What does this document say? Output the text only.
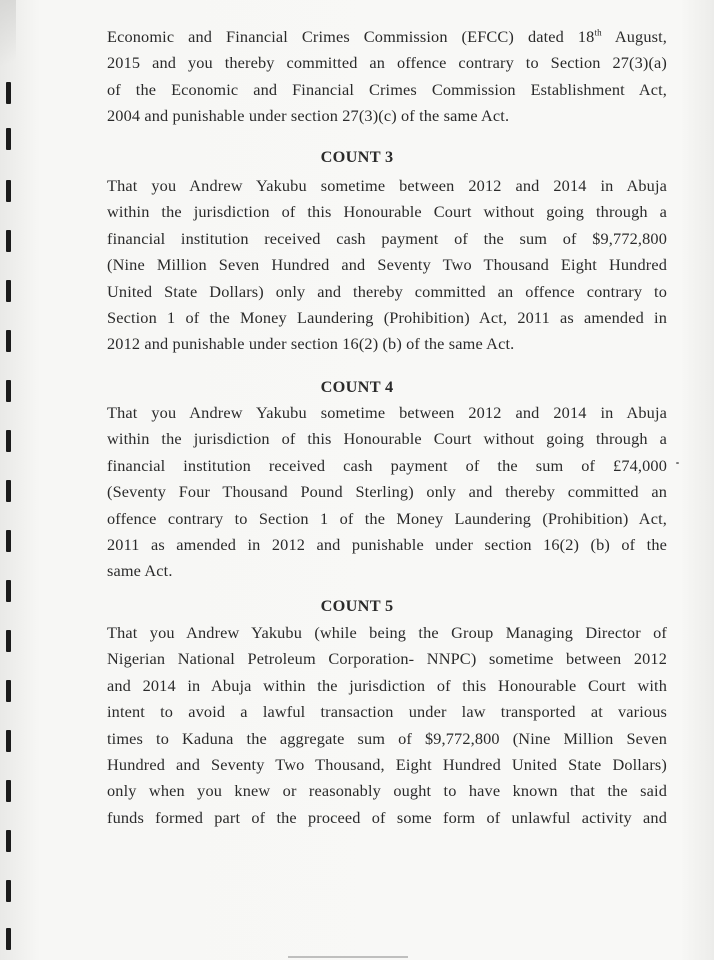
Economic and Financial Crimes Commission (EFCC) dated 18th August,
2015 and you thereby committed an offence contrary to Section 27(3)(a)
of the Economic and Financial Crimes Commission Establishment Act,
2004 and punishable under section 27(3)(c) of the same Act.
COUNT 3
That you Andrew Yakubu sometime between 2012 and 2014 in Abuja
within the jurisdiction of this Honourable Court without going through a
financial institution received cash payment of the sum of $9,772,800
(Nine Million Seven Hundred and Seventy Two Thousand Eight Hundred
United State Dollars) only and thereby committed an offence contrary to
Section 1 of the Money Laundering (Prohibition) Act, 2011 as amended in
2012 and punishable under section 16(2) (b) of the same Act.
COUNT 4
That you Andrew Yakubu sometime between 2012 and 2014 in Abuja
within the jurisdiction of this Honourable Court without going through a
financial institution received cash payment of the sum of £74,000
(Seventy Four Thousand Pound Sterling) only and thereby committed an
offence contrary to Section 1 of the Money Laundering (Prohibition) Act,
2011 as amended in 2012 and punishable under section 16(2) (b) of the
same Act.
COUNT 5
That you Andrew Yakubu (while being the Group Managing Director of
Nigerian National Petroleum Corporation- NNPC) sometime between 2012
and 2014 in Abuja within the jurisdiction of this Honourable Court with
intent to avoid a lawful transaction under law transported at various
times to Kaduna the aggregate sum of $9,772,800 (Nine Million Seven
Hundred and Seventy Two Thousand, Eight Hundred United State Dollars)
only when you knew or reasonably ought to have known that the said
funds formed part of the proceed of some form of unlawful activity and
